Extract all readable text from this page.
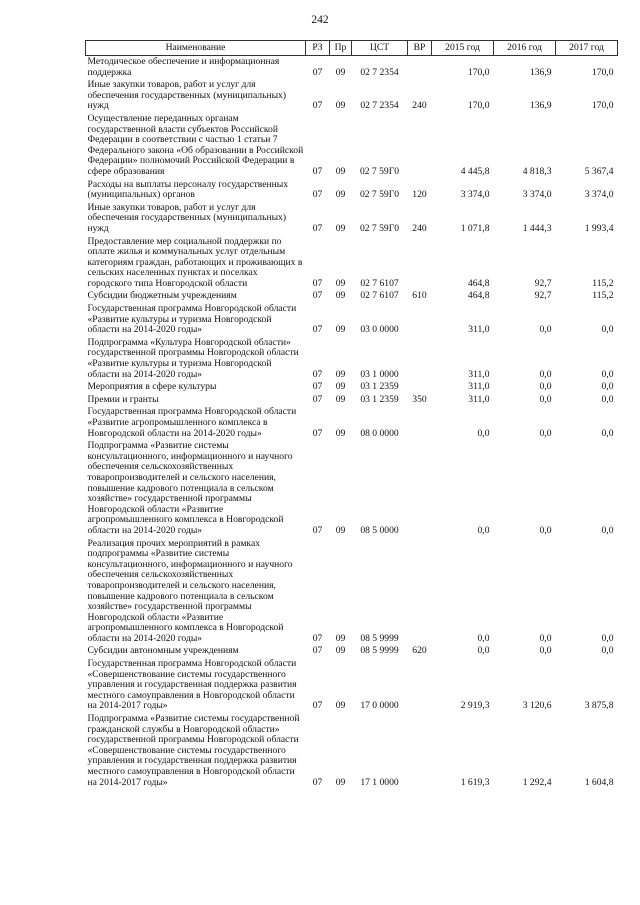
242
Наименование	РЗ	Пр	ЦСТ	ВР	2015 год	2016 год	2017 год
Методическое обеспечение и информационная поддержка	07	09	02 7 2354		170,0	136,9	170,0
Иные закупки товаров, работ и услуг для обеспечения государственных (муниципальных) нужд	07	09	02 7 2354	240	170,0	136,9	170,0
Осуществление переданных органам государственной власти субъектов Российской Федерации в соответствии с частью 1 статьи 7 Федерального закона «Об образовании в Российской Федерации» полномочий Российской Федерации в сфере образования	07	09	02 7 59Г0		4 445,8	4 818,3	5 367,4
Расходы на выплаты персоналу государственных (муниципальных) органов	07	09	02 7 59Г0	120	3 374,0	3 374,0	3 374,0
Иные закупки товаров, работ и услуг для обеспечения государственных (муниципальных) нужд	07	09	02 7 59Г0	240	1 071,8	1 444,3	1 993,4
Предоставление мер социальной поддержки по оплате жилья и коммунальных услуг отдельным категориям граждан, работающих и проживающих в сельских населенных пунктах и поселках городского типа Новгородской области	07	09	02 7 6107		464,8	92,7	115,2
Субсидии бюджетным учреждениям	07	09	02 7 6107	610	464,8	92,7	115,2
Государственная программа Новгородской области «Развитие культуры и туризма Новгородской области на 2014-2020 годы»	07	09	03 0 0000		311,0	0,0	0,0
Подпрограмма «Культура Новгородской области» государственной программы Новгородской области «Развитие культуры и туризма Новгородской области на 2014-2020 годы»	07	09	03 1 0000		311,0	0,0	0,0
Мероприятия в сфере культуры	07	09	03 1 2359		311,0	0,0	0,0
Премии и гранты	07	09	03 1 2359	350	311,0	0,0	0,0
Государственная программа Новгородской области «Развитие агропромышленного комплекса в Новгородской области на 2014-2020 годы»	07	09	08 0 0000		0,0	0,0	0,0
Подпрограмма «Развитие системы консультационного, информационного и научного обеспечения сельскохозяйственных товаропроизводителей и сельского населения, повышение кадрового потенциала в сельском хозяйстве» государственной программы Новгородской области «Развитие агропромышленного комплекса в Новгородской области на 2014-2020 годы»	07	09	08 5 0000		0,0	0,0	0,0
Реализация прочих мероприятий в рамках подпрограммы «Развитие системы консультационного, информационного и научного обеспечения сельскохозяйственных товаропроизводителей и сельского населения, повышение кадрового потенциала в сельском хозяйстве» государственной программы Новгородской области «Развитие агропромышленного комплекса в Новгородской области на 2014-2020 годы»	07	09	08 5 9999		0,0	0,0	0,0
Субсидии автономным учреждениям	07	09	08 5 9999	620	0,0	0,0	0,0
Государственная программа Новгородской области «Совершенствование системы государственного управления и государственная поддержка развития местного самоуправления в Новгородской области на 2014-2017 годы»	07	09	17 0 0000		2 919,3	3 120,6	3 875,8
Подпрограмма «Развитие системы государственной гражданской службы в Новгородской области» государственной программы Новгородской области «Совершенствование системы государственного управления и государственная поддержка развития местного самоуправления в Новгородской области на 2014-2017 годы»	07	09	17 1 0000		1 619,3	1 292,4	1 604,8
